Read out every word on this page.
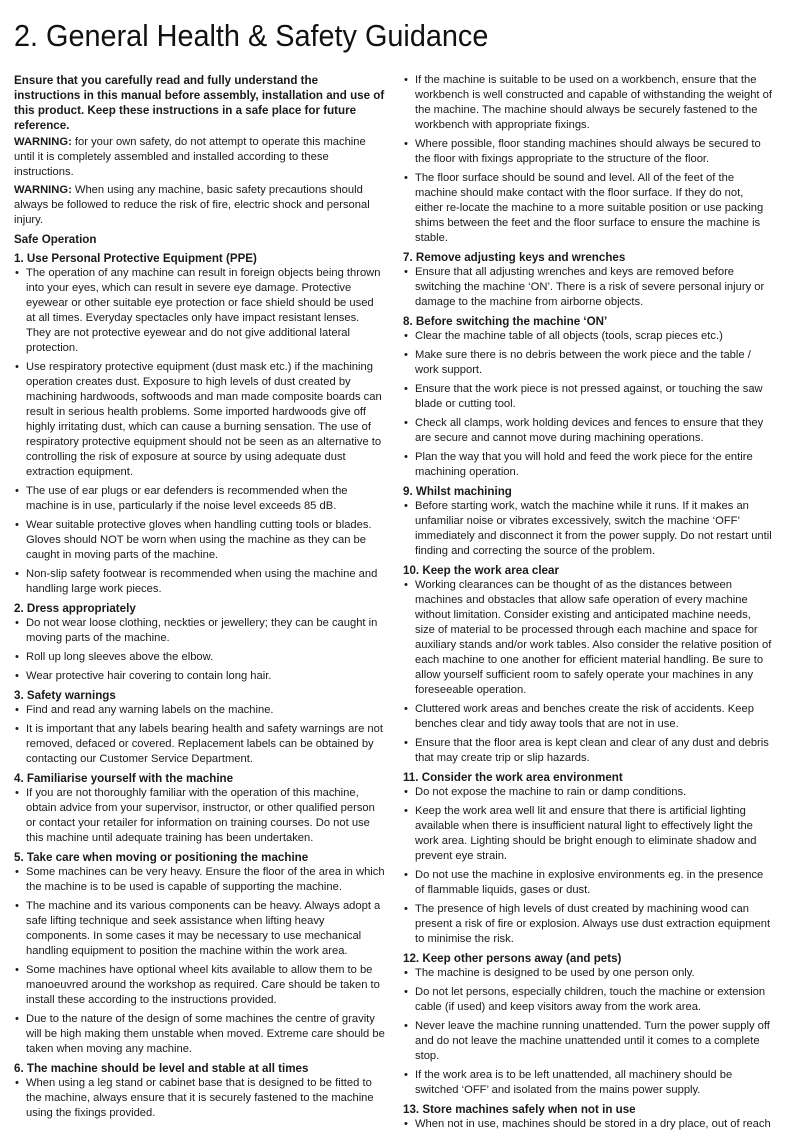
2. General Health & Safety Guidance

Ensure that you carefully read and fully understand the instructions in this manual before assembly, installation and use of this product. Keep these instructions in a safe place for future reference.

WARNING: for your own safety, do not attempt to operate this machine until it is completely assembled and installed according to these instructions.

WARNING: When using any machine, basic safety precautions should always be followed to reduce the risk of fire, electric shock and personal injury.

Safe Operation
1. Use Personal Protective Equipment (PPE)
• The operation of any machine can result in foreign objects being thrown into your eyes, which can result in severe eye damage. Protective eyewear or other suitable eye protection or face shield should be used at all times. Everyday spectacles only have impact resistant lenses. They are not protective eyewear and do not give additional lateral protection.
• Use respiratory protective equipment (dust mask etc.) if the machining operation creates dust. Exposure to high levels of dust created by machining hardwoods, softwoods and man made composite boards can result in serious health problems. Some imported hardwoods give off highly irritating dust, which can cause a burning sensation. The use of respiratory protective equipment should not be seen as an alternative to controlling the risk of exposure at source by using adequate dust extraction equipment.
• The use of ear plugs or ear defenders is recommended when the machine is in use, particularly if the noise level exceeds 85 dB.
• Wear suitable protective gloves when handling cutting tools or blades. Gloves should NOT be worn when using the machine as they can be caught in moving parts of the machine.
• Non-slip safety footwear is recommended when using the machine and handling large work pieces.
2. Dress appropriately
• Do not wear loose clothing, neckties or jewellery; they can be caught in moving parts of the machine.
• Roll up long sleeves above the elbow.
• Wear protective hair covering to contain long hair.
3. Safety warnings
• Find and read any warning labels on the machine.
• It is important that any labels bearing health and safety warnings are not removed, defaced or covered. Replacement labels can be obtained by contacting our Customer Service Department.
4. Familiarise yourself with the machine
• If you are not thoroughly familiar with the operation of this machine, obtain advice from your supervisor, instructor, or other qualified person or contact your retailer for information on training courses. Do not use this machine until adequate training has been undertaken.
5. Take care when moving or positioning the machine
• Some machines can be very heavy. Ensure the floor of the area in which the machine is to be used is capable of supporting the machine.
• The machine and its various components can be heavy. Always adopt a safe lifting technique and seek assistance when lifting heavy components. In some cases it may be necessary to use mechanical handling equipment to position the machine within the work area.
• Some machines have optional wheel kits available to allow them to be manoeuvred around the workshop as required. Care should be taken to install these according to the instructions provided.
• Due to the nature of the design of some machines the centre of gravity will be high making them unstable when moved. Extreme care should be taken when moving any machine.
6. The machine should be level and stable at all times
• When using a leg stand or cabinet base that is designed to be fitted to the machine, always ensure that it is securely fastened to the machine using the fixings provided.
• If the machine is suitable to be used on a workbench, ensure that the workbench is well constructed and capable of withstanding the weight of the machine. The machine should always be securely fastened to the workbench with appropriate fixings.
• Where possible, floor standing machines should always be secured to the floor with fixings appropriate to the structure of the floor.
• The floor surface should be sound and level. All of the feet of the machine should make contact with the floor surface. If they do not, either re-locate the machine to a more suitable position or use packing shims between the feet and the floor surface to ensure the machine is stable.
7. Remove adjusting keys and wrenches
• Ensure that all adjusting wrenches and keys are removed before switching the machine ‘ON’. There is a risk of severe personal injury or damage to the machine from airborne objects.
8. Before switching the machine ‘ON’
• Clear the machine table of all objects (tools, scrap pieces etc.)
• Make sure there is no debris between the work piece and the table / work support.
• Ensure that the work piece is not pressed against, or touching the saw blade or cutting tool.
• Check all clamps, work holding devices and fences to ensure that they are secure and cannot move during machining operations.
• Plan the way that you will hold and feed the work piece for the entire machining operation.
9. Whilst machining
• Before starting work, watch the machine while it runs. If it makes an unfamiliar noise or vibrates excessively, switch the machine ‘OFF’ immediately and disconnect it from the power supply. Do not restart until finding and correcting the source of the problem.
10. Keep the work area clear
• Working clearances can be thought of as the distances between machines and obstacles that allow safe operation of every machine without limitation. Consider existing and anticipated machine needs, size of material to be processed through each machine and space for auxiliary stands and/or work tables. Also consider the relative position of each machine to one another for efficient material handling. Be sure to allow yourself sufficient room to safely operate your machines in any foreseeable operation.
• Cluttered work areas and benches create the risk of accidents. Keep benches clear and tidy away tools that are not in use.
• Ensure that the floor area is kept clean and clear of any dust and debris that may create trip or slip hazards.
11. Consider the work area environment
• Do not expose the machine to rain or damp conditions.
• Keep the work area well lit and ensure that there is artificial lighting available when there is insufficient natural light to effectively light the work area. Lighting should be bright enough to eliminate shadow and prevent eye strain.
• Do not use the machine in explosive environments eg. in the presence of flammable liquids, gases or dust.
• The presence of high levels of dust created by machining wood can present a risk of fire or explosion. Always use dust extraction equipment to minimise the risk.
12. Keep other persons away (and pets)
• The machine is designed to be used by one person only.
• Do not let persons, especially children, touch the machine or extension cable (if used) and keep visitors away from the work area.
• Never leave the machine running unattended. Turn the power supply off and do not leave the machine unattended until it comes to a complete stop.
• If the work area is to be left unattended, all machinery should be switched ‘OFF’ and isolated from the mains power supply.
13. Store machines safely when not in use
• When not in use, machines should be stored in a dry place, out of reach
